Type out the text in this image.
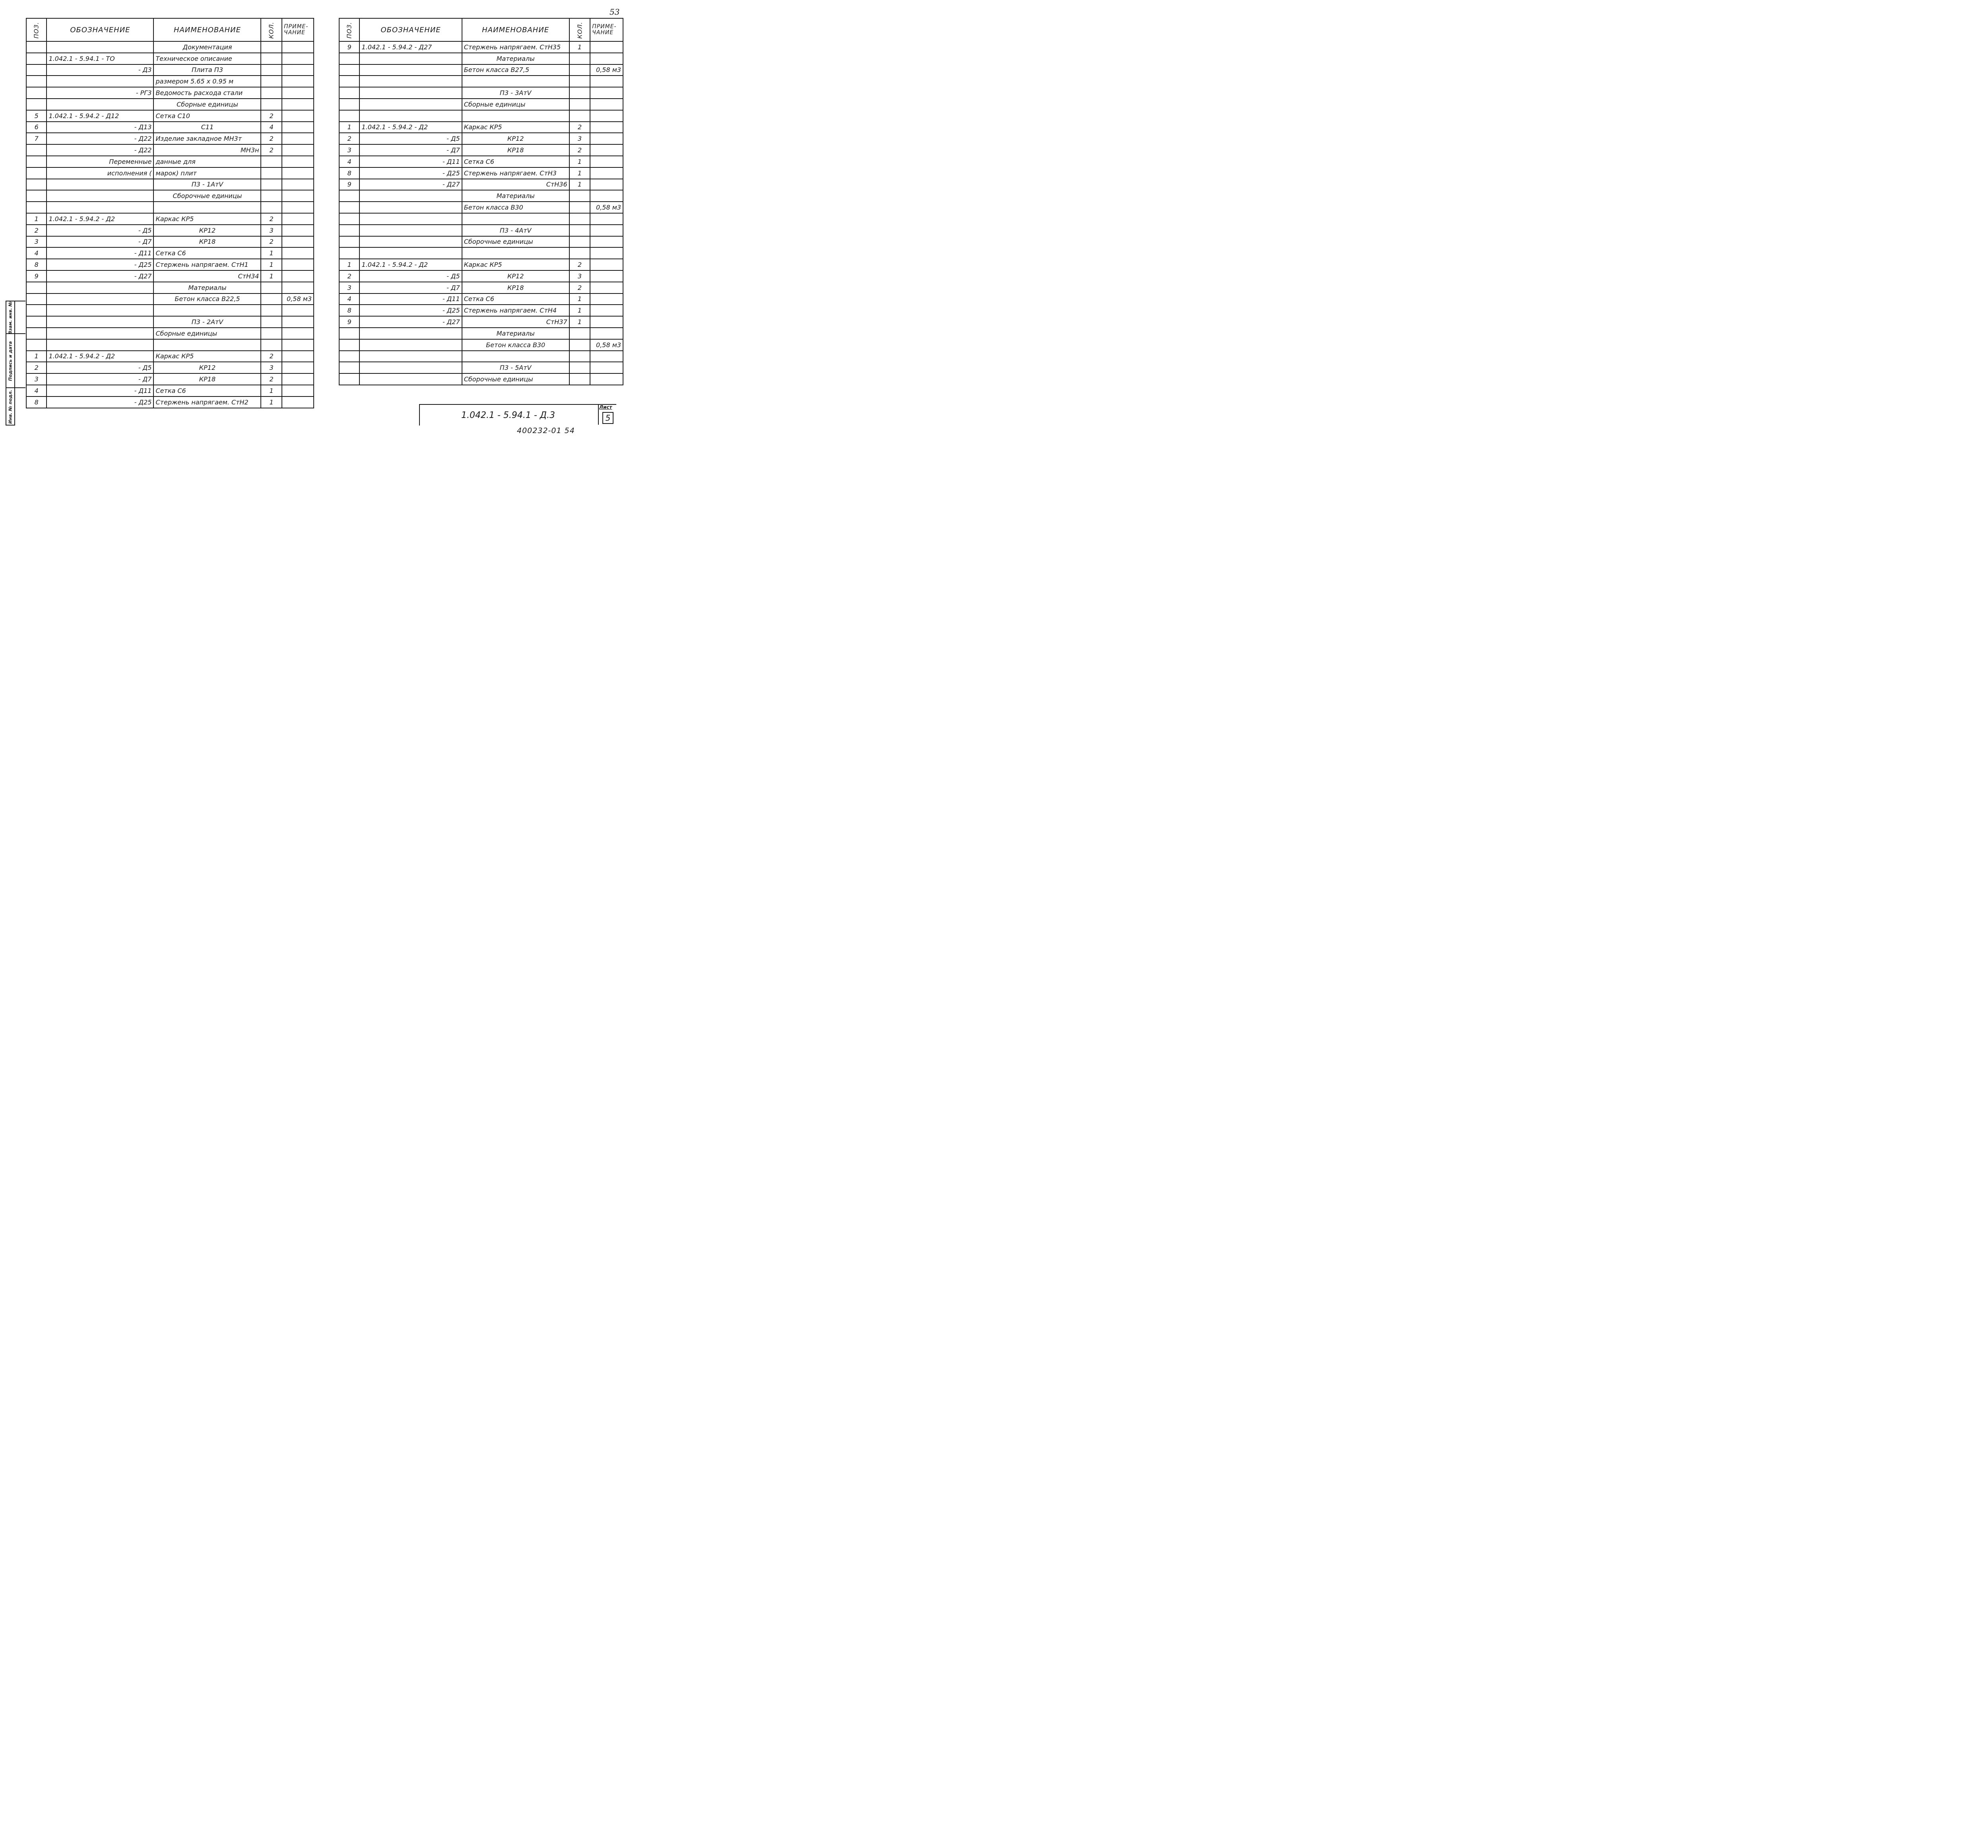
53
ПОЗ.	ОБОЗНАЧЕНИЕ	НАИМЕНОВАНИЕ	КОЛ.	ПРИМЕ-ЧАНИЕ
		Документация		
	1.042.1 - 5.94.1 - ТО	Техническое описание		
	- Д3	Плита П3		
		размером 5.65 х 0.95 м		
	- РГ3	Ведомость расхода стали		
		Сборные единицы		
5	1.042.1 - 5.94.2 - Д12	Сетка С10	2	
6	- Д13	С11	4	
7	- Д22	Изделие закладное МН3т	2	
	- Д22	МН3н	2	
	Переменные	данные для		
	исполнения (	марок) плит		
		П3 - 1АтV		
		Сборочные единицы		

1	1.042.1 - 5.94.2 - Д2	Каркас КР5	2	
2	- Д5	КР12	3	
3	- Д7	КР18	2	
4	- Д11	Сетка С6	1	
8	- Д25	Стержень напрягаем. СтН1	1	
9	- Д27	СтН34	1	
		Материалы		
		Бетон класса В22,5		0,58 м3

		П3 - 2АтV		
		Сборные единицы		

1	1.042.1 - 5.94.2 - Д2	Каркас КР5	2	
2	- Д5	КР12	3	
3	- Д7	КР18	2	
4	- Д11	Сетка С6	1	
8	- Д25	Стержень напрягаем. СтН2	1	
ПОЗ.	ОБОЗНАЧЕНИЕ	НАИМЕНОВАНИЕ	КОЛ.	ПРИМЕ-ЧАНИЕ
9	1.042.1 - 5.94.2 - Д27	Стержень напрягаем. СтН35	1	
		Материалы		
		Бетон класса В27,5		0,58 м3

		П3 - 3АтV		
		Сборные единицы		

1	1.042.1 - 5.94.2 - Д2	Каркас КР5	2	
2	- Д5	КР12	3	
3	- Д7	КР18	2	
4	- Д11	Сетка С6	1	
8	- Д25	Стержень напрягаем. СтН3	1	
9	- Д27	СтН36	1	
		Материалы		
		Бетон класса В30		0,58 м3

		П3 - 4АтV		
		Сборочные единицы		

1	1.042.1 - 5.94.2 - Д2	Каркас КР5	2	
2	- Д5	КР12	3	
3	- Д7	КР18	2	
4	- Д11	Сетка С6	1	
8	- Д25	Стержень напрягаем. СтН4	1	
9	- Д27	СтН37	1	
		Материалы		
		Бетон класса В30		0,58 м3

		П3 - 5АтV		
		Сборочные единицы		
1.042.1 - 5.94.1 - Д.3
Лист
5
400232-01 54
Взам. инв. №
Подпись и дата
Инв. № подл.
